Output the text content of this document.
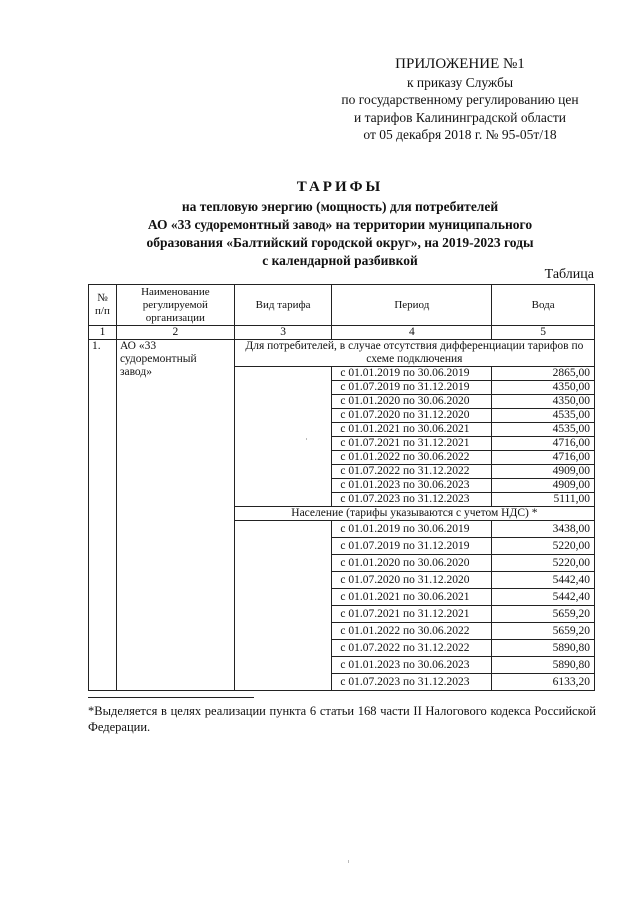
ПРИЛОЖЕНИЕ №1
к приказу Службы
по государственному регулированию цен
и тарифов Калининградской области
от 05 декабря 2018 г. № 95-05т/18
ТАРИФЫ
на тепловую энергию (мощность) для потребителей
АО «33 судоремонтный завод» на территории муниципального
образования «Балтийский городской округ», на 2019-2023 годы
с календарной разбивкой
Таблица
№ п/п	Наименование регулируемой организации	Вид тарифа	Период	Вода
1	2	3	4	5
1.	АО «33 судоремонтный завод»	Для потребителей, в случае отсутствия дифференциации тарифов по схеме подключения		
			с 01.01.2019 по 30.06.2019	2865,00
			с 01.07.2019 по 31.12.2019	4350,00
			с 01.01.2020 по 30.06.2020	4350,00
			с 01.07.2020 по 31.12.2020	4535,00
			с 01.01.2021 по 30.06.2021	4535,00
			с 01.07.2021 по 31.12.2021	4716,00
			с 01.01.2022 по 30.06.2022	4716,00
			с 01.07.2022 по 31.12.2022	4909,00
			с 01.01.2023 по 30.06.2023	4909,00
			с 01.07.2023 по 31.12.2023	5111,00
		Население (тарифы указываются с учетом НДС) *		
			с 01.01.2019 по 30.06.2019	3438,00
			с 01.07.2019 по 31.12.2019	5220,00
			с 01.01.2020 по 30.06.2020	5220,00
			с 01.07.2020 по 31.12.2020	5442,40
			с 01.01.2021 по 30.06.2021	5442,40
			с 01.07.2021 по 31.12.2021	5659,20
			с 01.01.2022 по 30.06.2022	5659,20
			с 01.07.2022 по 31.12.2022	5890,80
			с 01.01.2023 по 30.06.2023	5890,80
			с 01.07.2023 по 31.12.2023	6133,20
*Выделяется в целях реализации пункта 6 статьи 168 части II Налогового кодекса Российской Федерации.
